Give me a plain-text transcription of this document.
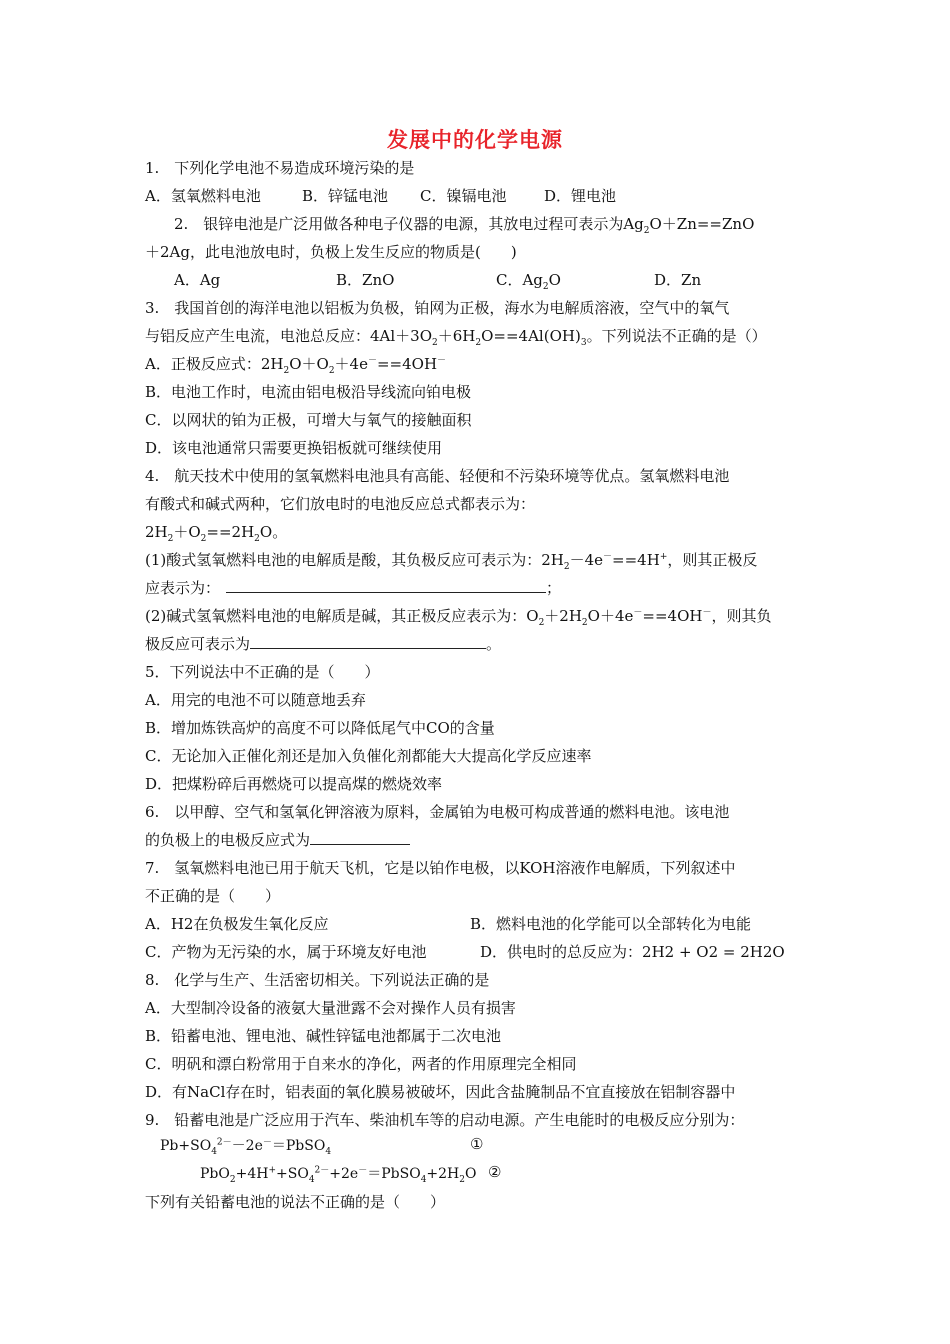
发展中的化学电源
1.　下列化学电池不易造成环境污染的是
A．氢氧燃料电池	B．锌锰电池 C．镍镉电池	D．锂电池
2.　银锌电池是广泛用做各种电子仪器的电源，其放电过程可表示为$Ag_2O+Zn==ZnO$
＋2Ag，此电池放电时，负极上发生反应的物质是(　　)
A．Ag	B．ZnO	C．$Ag_2O$	D．Zn
3.　我国首创的海洋电池以铝板为负极，铂网为正极，海水为电解质溶液，空气中的氧气
与铝反应产生电流，电池总反应：$4Al+3O_2+6H_2O==4Al(OH)_3$。下列说法不正确的是（）
A．正极反应式：$2H_2O+O_2+4e^-==4OH^-$
B．电池工作时，电流由铝电极沿导线流向铂电极
C．以网状的铂为正极，可增大与氧气的接触面积
D．该电池通常只需要更换铝板就可继续使用
4.　航天技术中使用的氢氧燃料电池具有高能、轻便和不污染环境等优点。氢氧燃料电池
有酸式和碱式两种，它们放电时的电池反应总式都表示为：
$2H_2+O_2==2H_2O$。
(1)酸式氢氧燃料电池的电解质是酸，其负极反应可表示为：$2H_2-4e^-==4H^+$，则其正极反
应表示为：	；
(2)碱式氢氧燃料电池的电解质是碱，其正极反应表示为：$O_2+2H_2O+4e^-==4OH^-$，则其负
极反应可表示为	。
5．下列说法中不正确的是（　　）
A．用完的电池不可以随意地丢弃
B．增加炼铁高炉的高度不可以降低尾气中CO的含量
C．无论加入正催化剂还是加入负催化剂都能大大提高化学反应速率
D．把煤粉碎后再燃烧可以提高煤的燃烧效率
6.　以甲醇、空气和氢氧化钾溶液为原料，金属铂为电极可构成普通的燃料电池。该电池
的负极上的电极反应式为
7.　氢氧燃料电池已用于航天飞机，它是以铂作电极，以KOH溶液作电解质，下列叙述中
不正确的是（　　）
A．H2在负极发生氧化反应	B．燃料电池的化学能可以全部转化为电能
C．产物为无污染的水，属于环境友好电池	D．供电时的总反应为：2H2 + O2 = 2H2O
8.　化学与生产、生活密切相关。下列说法正确的是
A．大型制冷设备的液氨大量泄露不会对操作人员有损害
B．铅蓄电池、锂电池、碱性锌锰电池都属于二次电池
C．明矾和漂白粉常用于自来水的净化，两者的作用原理完全相同
D．有NaCl存在时，铝表面的氧化膜易被破坏，因此含盐腌制品不宜直接放在铝制容器中
9.　铅蓄电池是广泛应用于汽车、柴油机车等的启动电源。产生电能时的电极反应分别为：
$Pb+SO_4^{2-}-2e^-=PbSO_4$	①
$PbO_2+4H^++SO_4^{2-}+2e^-=PbSO_4+2H_2O$ ②
下列有关铅蓄电池的说法不正确的是（　　）
